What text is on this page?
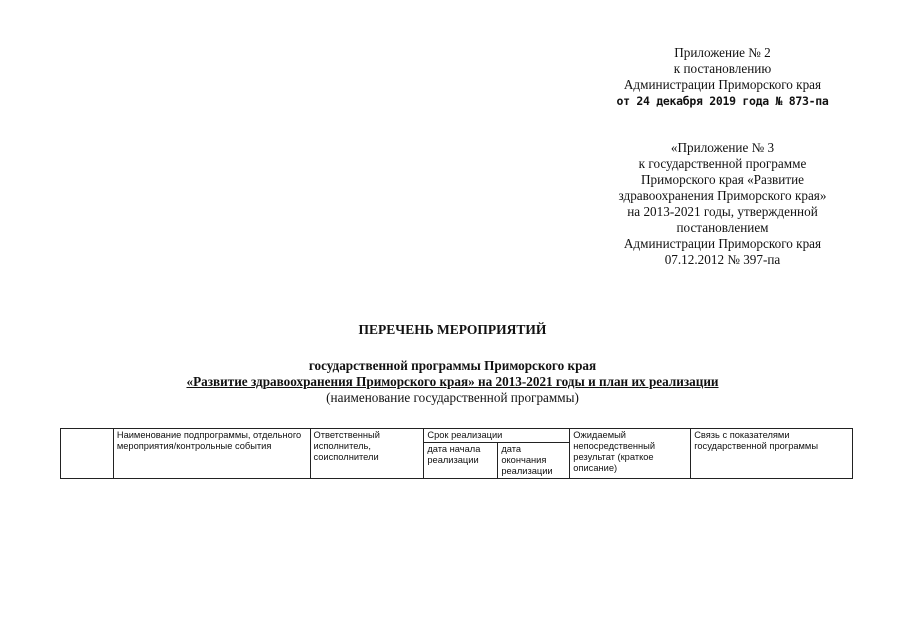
Приложение № 2
к постановлению
Администрации Приморского края
от 24 декабря 2019 года № 873-па
«Приложение № 3
к государственной программе
Приморского края «Развитие
здравоохранения Приморского края»
на 2013-2021 годы, утвержденной
постановлением
Администрации Приморского края
07.12.2012 № 397-па
ПЕРЕЧЕНЬ МЕРОПРИЯТИЙ
государственной программы Приморского края
«Развитие здравоохранения Приморского края» на 2013-2021 годы и план их реализации
(наименование государственной программы)
	Наименование подпрограммы, отдельного мероприятия/контрольные события	Ответственный исполнитель, соисполнители	Срок реализации		Ожидаемый непосредственный результат (краткое описание)	Связь с показателями государственной программы
			дата начала реализации	дата окончания реализации		
